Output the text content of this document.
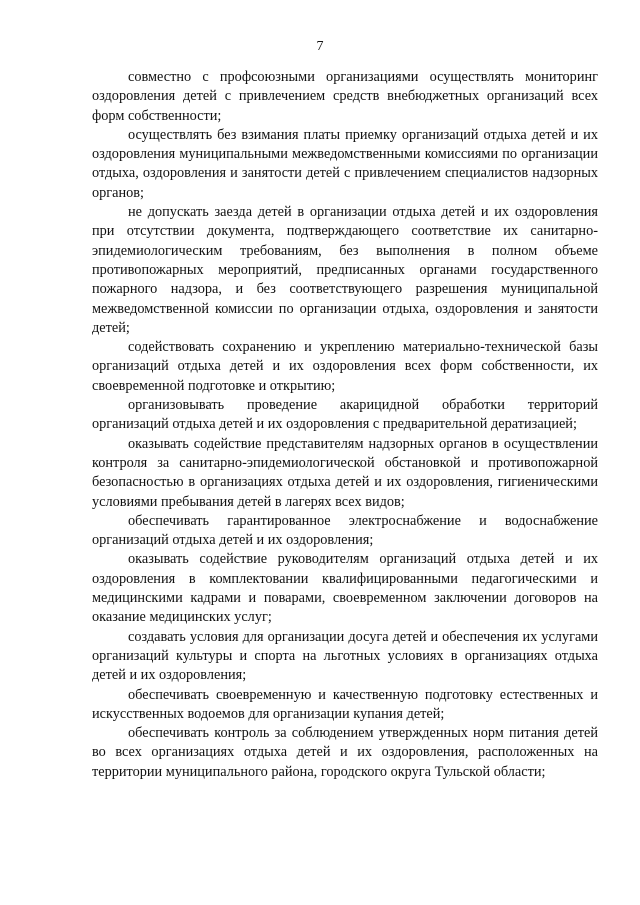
7

совместно с профсоюзными организациями осуществлять мониторинг оздоровления детей с привлечением средств внебюджетных организаций всех форм собственности;

осуществлять без взимания платы приемку организаций отдыха детей и их оздоровления муниципальными межведомственными комиссиями по организации отдыха, оздоровления и занятости детей с привлечением специалистов надзорных органов;

не допускать заезда детей в организации отдыха детей и их оздоровления при отсутствии документа, подтверждающего соответствие их санитарно-эпидемиологическим требованиям, без выполнения в полном объеме противопожарных мероприятий, предписанных органами государственного пожарного надзора, и без соответствующего разрешения муниципальной межведомственной комиссии по организации отдыха, оздоровления и занятости детей;

содействовать сохранению и укреплению материально-технической базы организаций отдыха детей и их оздоровления всех форм собственности, их своевременной подготовке и открытию;

организовывать проведение акарицидной обработки территорий организаций отдыха детей и их оздоровления с предварительной дератизацией;

оказывать содействие представителям надзорных органов в осуществлении контроля за санитарно-эпидемиологической обстановкой и противопожарной безопасностью в организациях отдыха детей и их оздоровления, гигиеническими условиями пребывания детей в лагерях всех видов;

обеспечивать гарантированное электроснабжение и водоснабжение организаций отдыха детей и их оздоровления;

оказывать содействие руководителям организаций отдыха детей и их оздоровления в комплектовании квалифицированными педагогическими и медицинскими кадрами и поварами, своевременном заключении договоров на оказание медицинских услуг;

создавать условия для организации досуга детей и обеспечения их услугами организаций культуры и спорта на льготных условиях в организациях отдыха детей и их оздоровления;

обеспечивать своевременную и качественную подготовку естественных и искусственных водоемов для организации купания детей;

обеспечивать контроль за соблюдением утвержденных норм питания детей во всех организациях отдыха детей и их оздоровления, расположенных на территории муниципального района, городского округа Тульской области;
